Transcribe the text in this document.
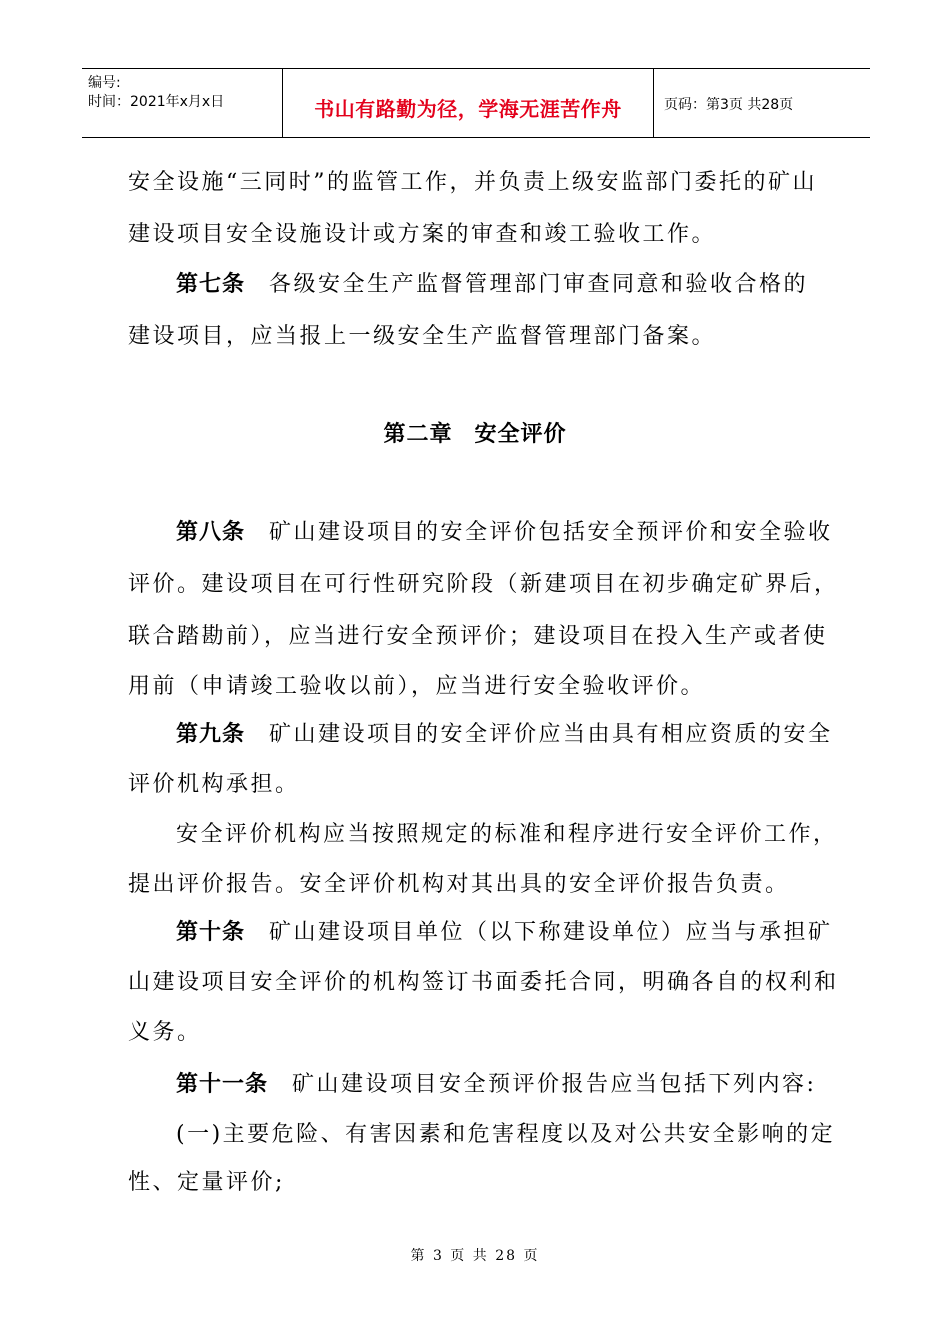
编号:
时间：2021年x月x日	书山有路勤为径，学海无涯苦作舟	页码：第3页 共28页
安全设施“三同时”的监管工作，并负责上级安监部门委托的矿山
建设项目安全设施设计或方案的审查和竣工验收工作。
第七条 各级安全生产监督管理部门审查同意和验收合格的
建设项目，应当报上一级安全生产监督管理部门备案。
第二章 安全评价
第八条 矿山建设项目的安全评价包括安全预评价和安全验收
评价。建设项目在可行性研究阶段（新建项目在初步确定矿界后，
联合踏勘前），应当进行安全预评价；建设项目在投入生产或者使
用前（申请竣工验收以前），应当进行安全验收评价。
第九条 矿山建设项目的安全评价应当由具有相应资质的安全
评价机构承担。
安全评价机构应当按照规定的标准和程序进行安全评价工作，
提出评价报告。安全评价机构对其出具的安全评价报告负责。
第十条 矿山建设项目单位（以下称建设单位）应当与承担矿
山建设项目安全评价的机构签订书面委托合同，明确各自的权利和
义务。
第十一条 矿山建设项目安全预评价报告应当包括下列内容:
(一)主要危险、有害因素和危害程度以及对公共安全影响的定
性、定量评价;
第 3 页 共 28 页
